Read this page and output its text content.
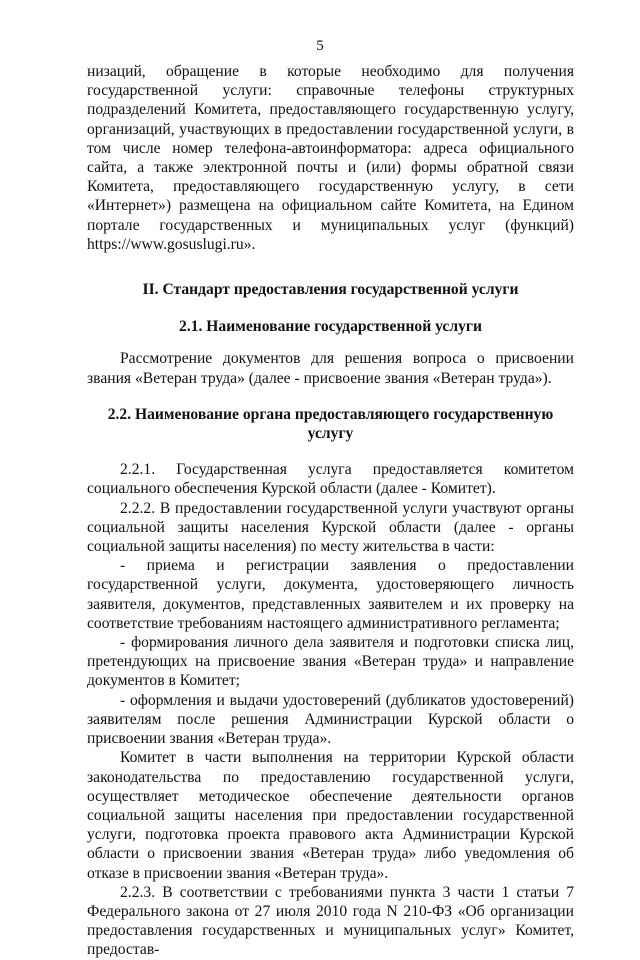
5

низаций, обращение в которые необходимо для получения государственной услуги: справочные телефоны структурных подразделений Комитета, предоставляющего государственную услугу, организаций, участвующих в предоставлении государственной услуги, в том числе номер телефона-автоинформатора: адреса официального сайта, а также электронной почты и (или) формы обратной связи Комитета, предоставляющего государственную услугу, в сети «Интернет») размещена на официальном сайте Комитета, на Едином портале государственных и муниципальных услуг (функций) https://www.gosuslugi.ru».

II. Стандарт предоставления государственной услуги

2.1. Наименование государственной услуги

Рассмотрение документов для решения вопроса о присвоении звания «Ветеран труда» (далее - присвоение звания «Ветеран труда»).

2.2. Наименование органа предоставляющего государственную
услугу

2.2.1. Государственная услуга предоставляется комитетом социального обеспечения Курской области (далее - Комитет).

2.2.2. В предоставлении государственной услуги участвуют органы социальной защиты населения Курской области (далее - органы социальной защиты населения) по месту жительства в части:

- приема и регистрации заявления о предоставлении государственной услуги, документа, удостоверяющего личность заявителя, документов, представленных заявителем и их проверку на соответствие требованиям настоящего административного регламента;

- формирования личного дела заявителя и подготовки списка лиц, претендующих на присвоение звания «Ветеран труда» и направление документов в Комитет;

- оформления и выдачи удостоверений (дубликатов удостоверений) заявителям после решения Администрации Курской области о присвоении звания «Ветеран труда».

Комитет в части выполнения на территории Курской области законодательства по предоставлению государственной услуги, осуществляет методическое обеспечение деятельности органов социальной защиты населения при предоставлении государственной услуги, подготовка проекта правового акта Администрации Курской области о присвоении звания «Ветеран труда» либо уведомления об отказе в присвоении звания «Ветеран труда».

2.2.3. В соответствии с требованиями пункта 3 части 1 статьи 7 Федерального закона от 27 июля 2010 года N 210-ФЗ «Об организации предоставления государственных и муниципальных услуг» Комитет, предостав-
